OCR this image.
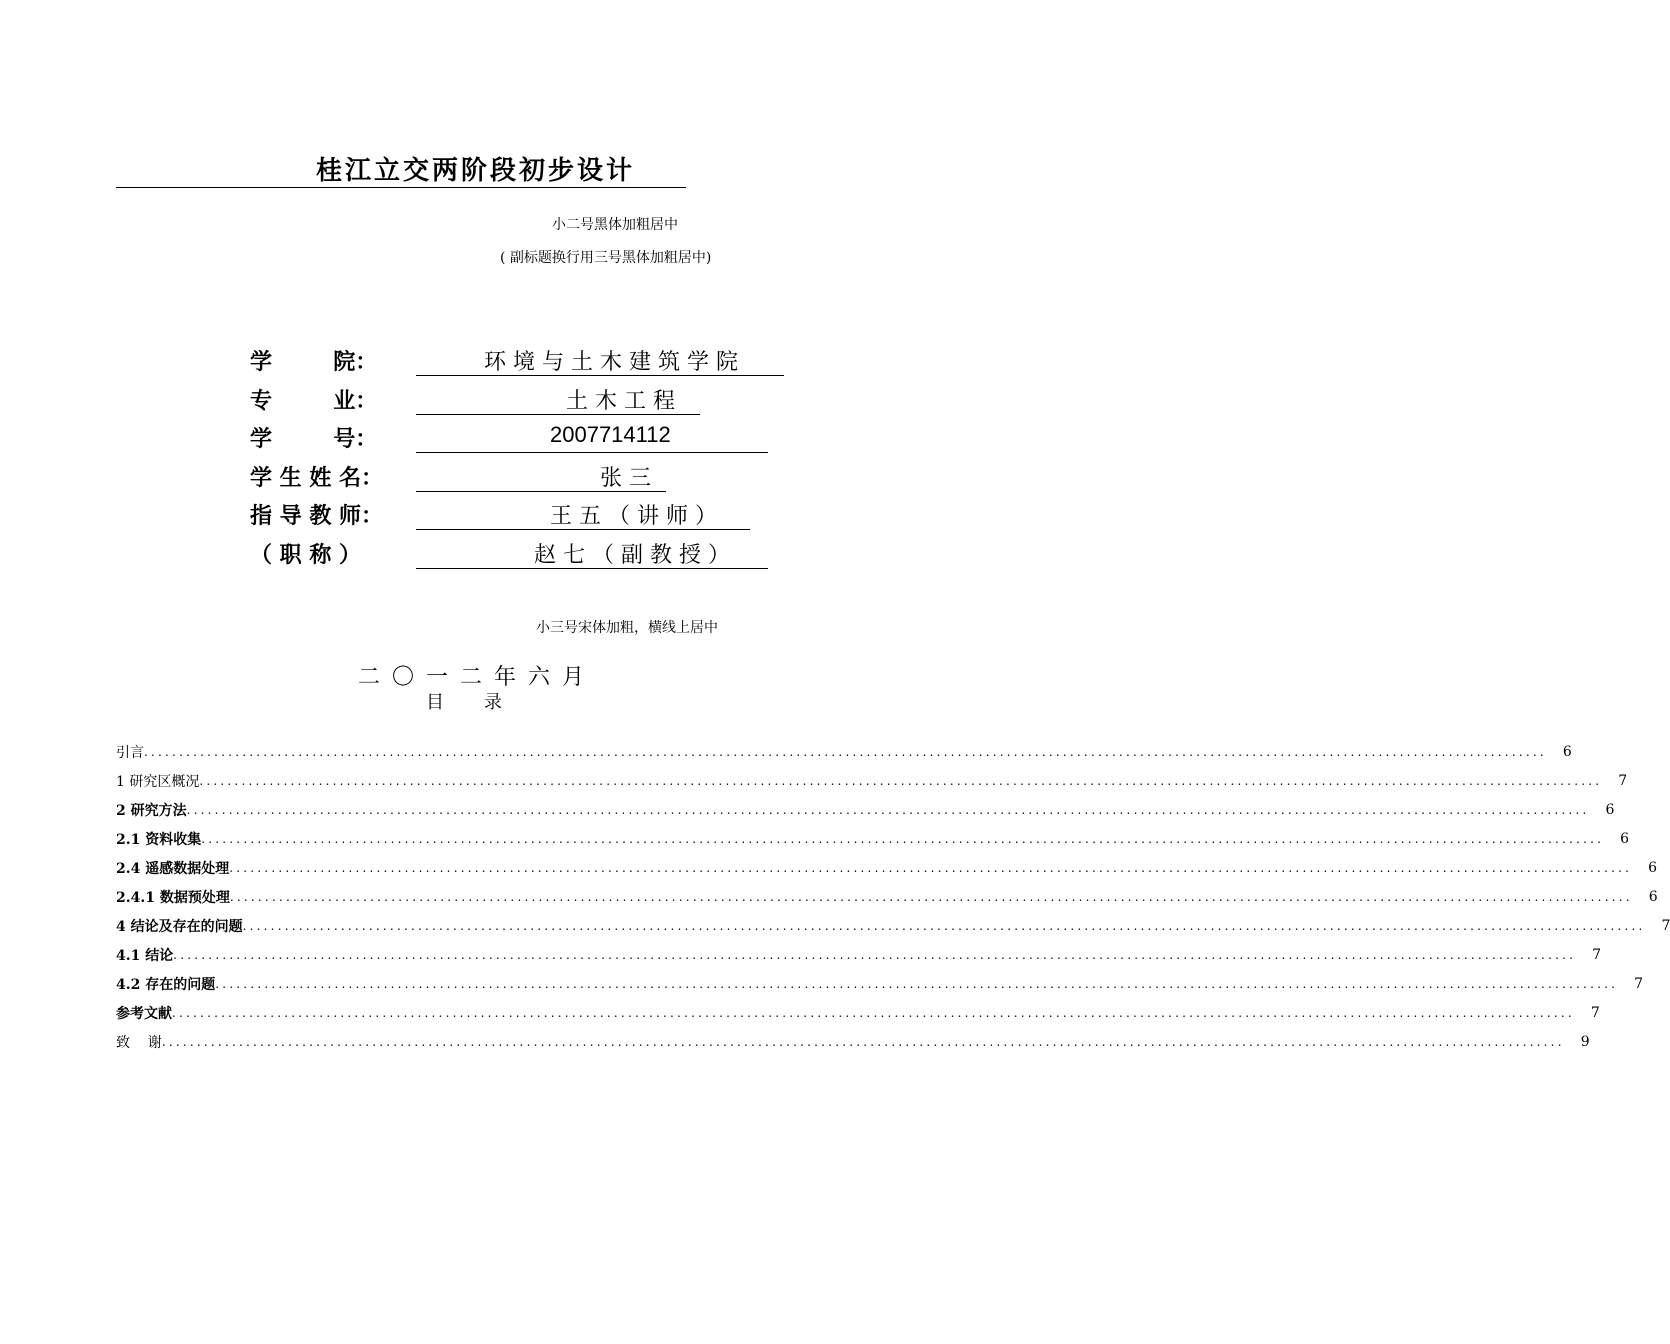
桂江立交两阶段初步设计
小二号黑体加粗居中
( 副标题换行用三号黑体加粗居中)
学        院：	环 境 与 土 木 建 筑 学 院
专        业：	土 木 工 程
学        号：	2007714112
学 生 姓 名：	张 三
指 导 教 师：	王 五 （ 讲 师 ）
（ 职 称 ）	赵 七 （ 副 教 授 ）
小三号宋体加粗，横线上居中
二〇一二年六月
目录
引言 ........................................................................................................................................................................................................ 6
1 研究区概况 ........................................................................................................................................................................................................ 7
2 研究方法 ........................................................................................................................................................................................................ 6
2.1 资料收集 ........................................................................................................................................................................................................ 6
2.4 遥感数据处理 ........................................................................................................................................................................................................ 6
2.4.1 数据预处理 ........................................................................................................................................................................................................ 6
4 结论及存在的问题 ........................................................................................................................................................................................................ 7
4.1 结论 ........................................................................................................................................................................................................ 7
4.2 存在的问题 ........................................................................................................................................................................................................ 7
参考文献 ........................................................................................................................................................................................................ 7
致    谢 ........................................................................................................................................................................................................ 9
